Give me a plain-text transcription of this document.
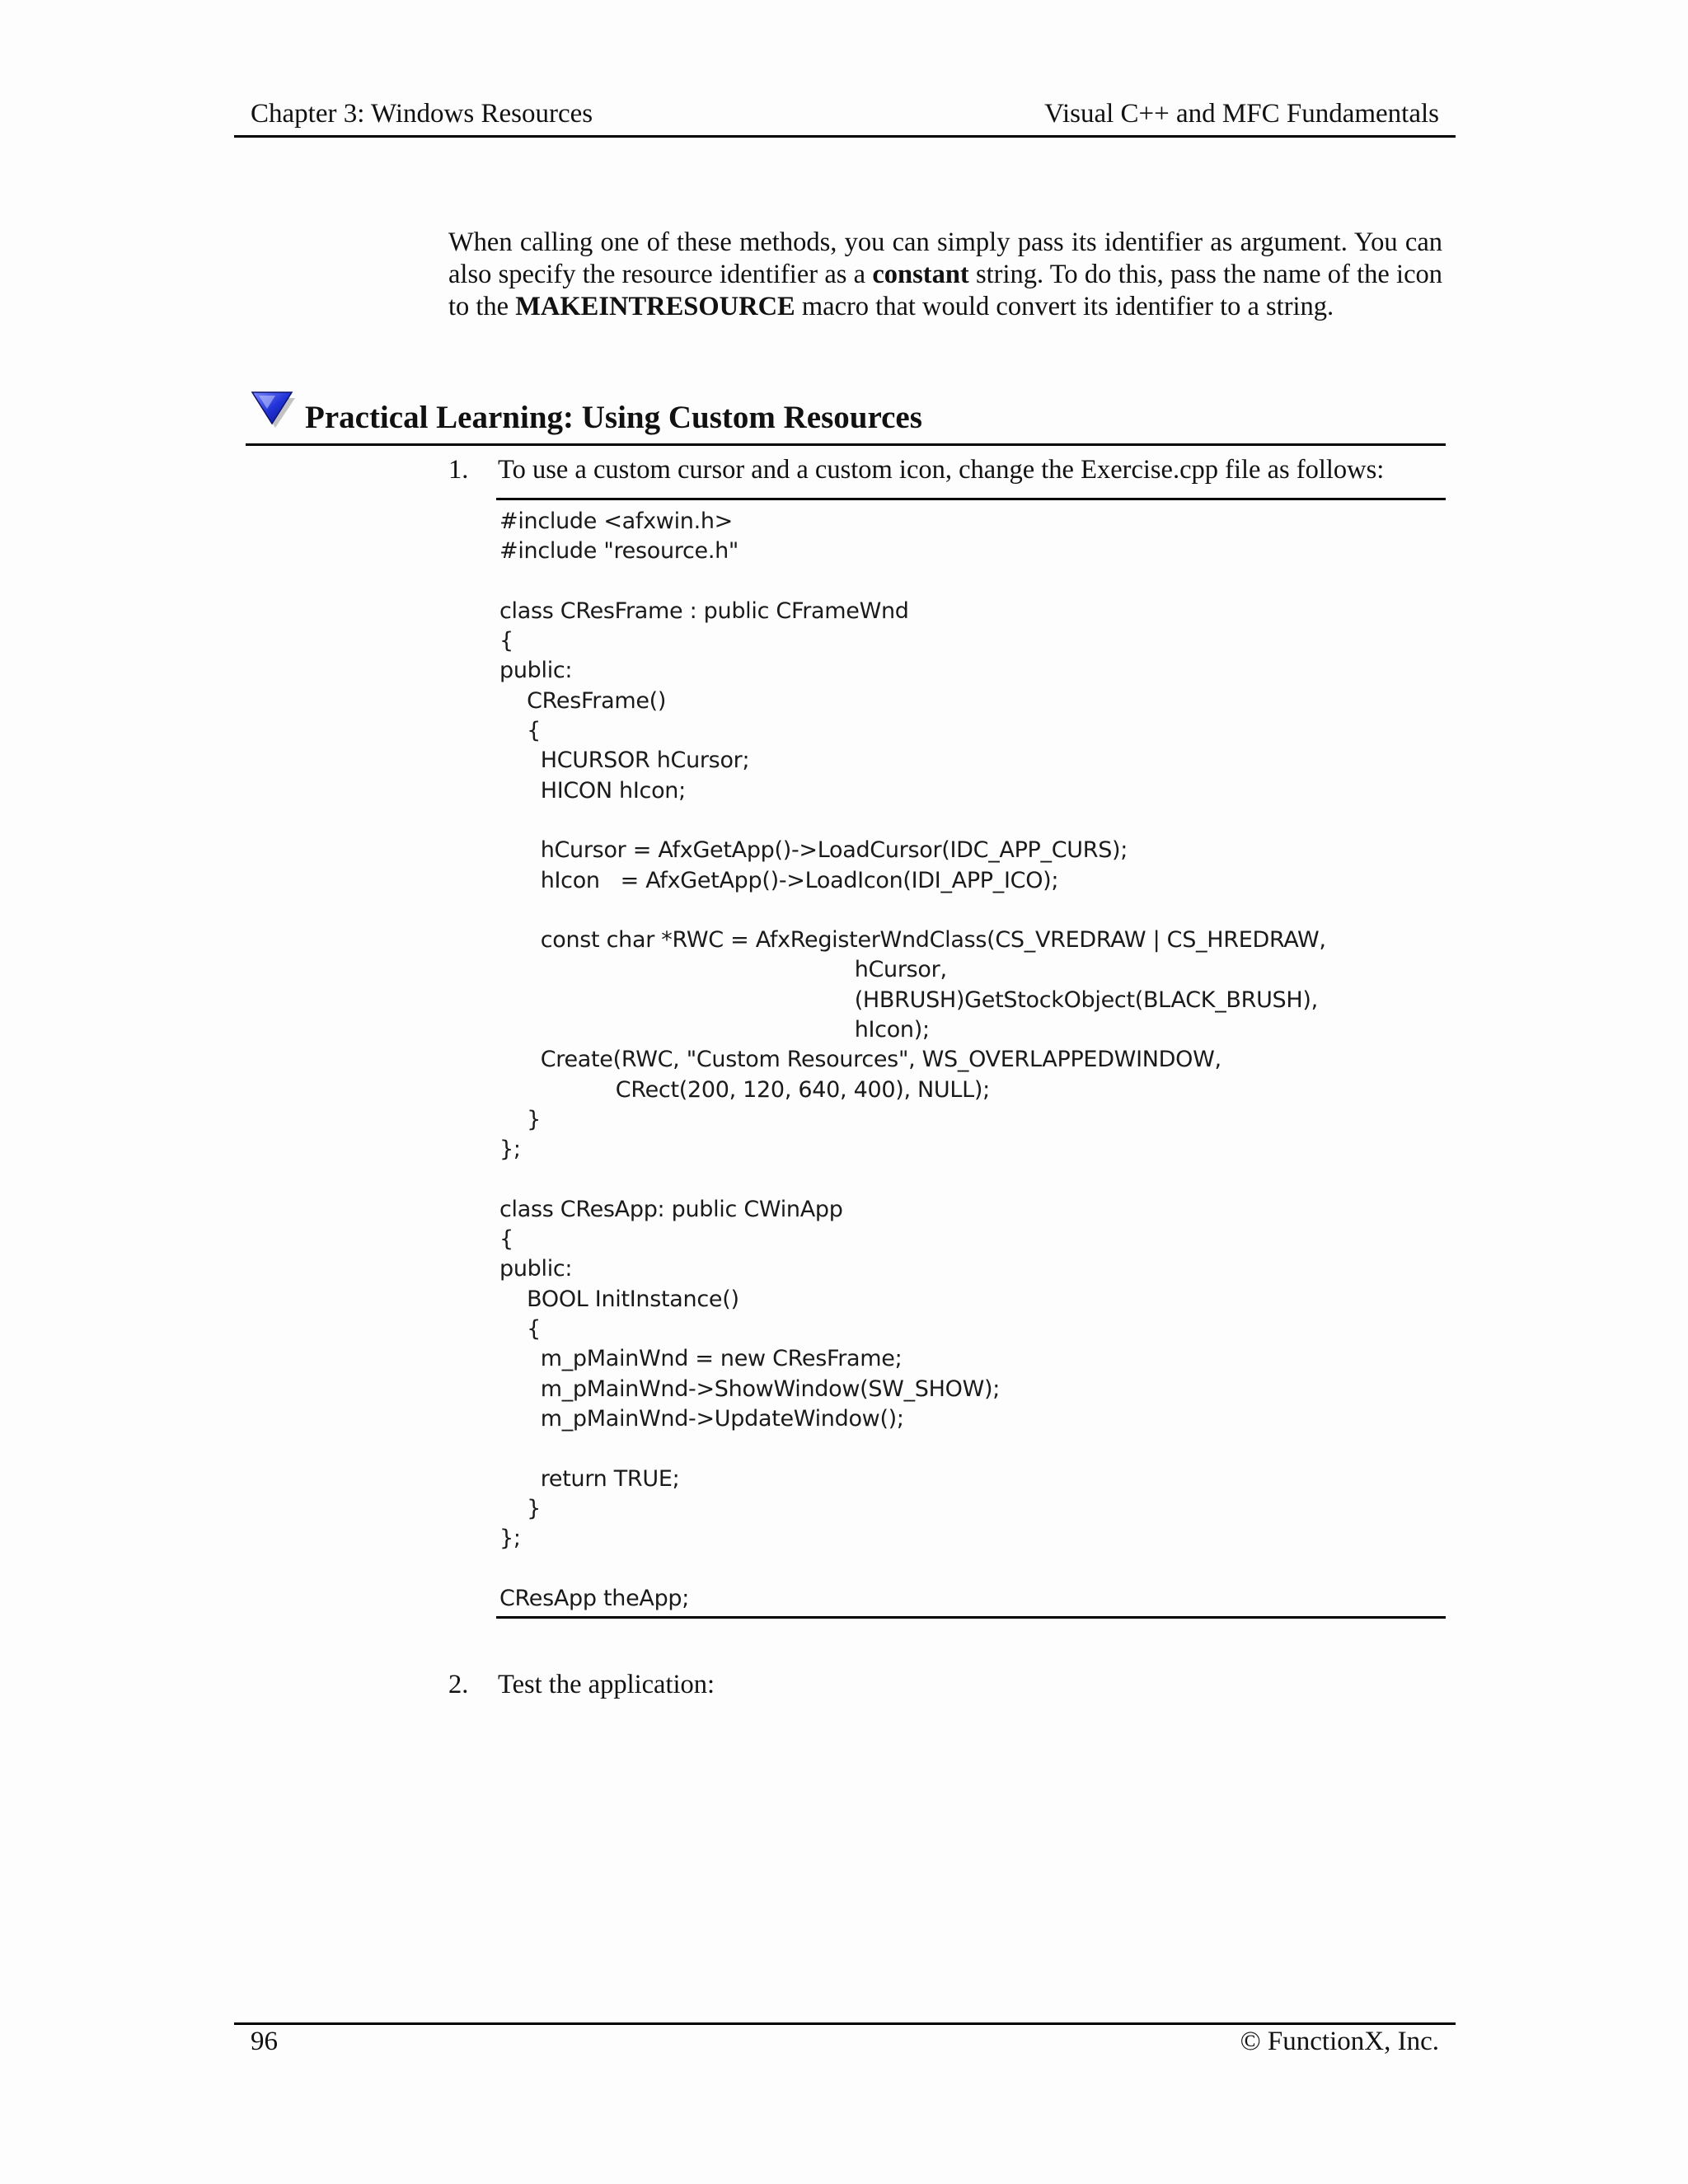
Chapter 3: Windows Resources	Visual C++ and MFC Fundamentals

When calling one of these methods, you can simply pass its identifier as argument. You can also specify the resource identifier as a constant string. To do this, pass the name of the icon to the MAKEINTRESOURCE macro that would convert its identifier to a string.

Practical Learning: Using Custom Resources
1. To use a custom cursor and a custom icon, change the Exercise.cpp file as follows:
#include <afxwin.h>
#include "resource.h"

class CResFrame : public CFrameWnd
{
public:
CResFrame()
{
HCURSOR hCursor;
HICON hIcon;

hCursor = AfxGetApp()->LoadCursor(IDC_APP_CURS);
hIcon   = AfxGetApp()->LoadIcon(IDI_APP_ICO);

const char *RWC = AfxRegisterWndClass(CS_VREDRAW | CS_HREDRAW,
hCursor,
(HBRUSH)GetStockObject(BLACK_BRUSH),
hIcon);
Create(RWC, "Custom Resources", WS_OVERLAPPEDWINDOW,
CRect(200, 120, 640, 400), NULL);
}
};

class CResApp: public CWinApp
{
public:
BOOL InitInstance()
{
m_pMainWnd = new CResFrame;
m_pMainWnd->ShowWindow(SW_SHOW);
m_pMainWnd->UpdateWindow();

return TRUE;
}
};

CResApp theApp;
2. Test the application:
96	© FunctionX, Inc.
